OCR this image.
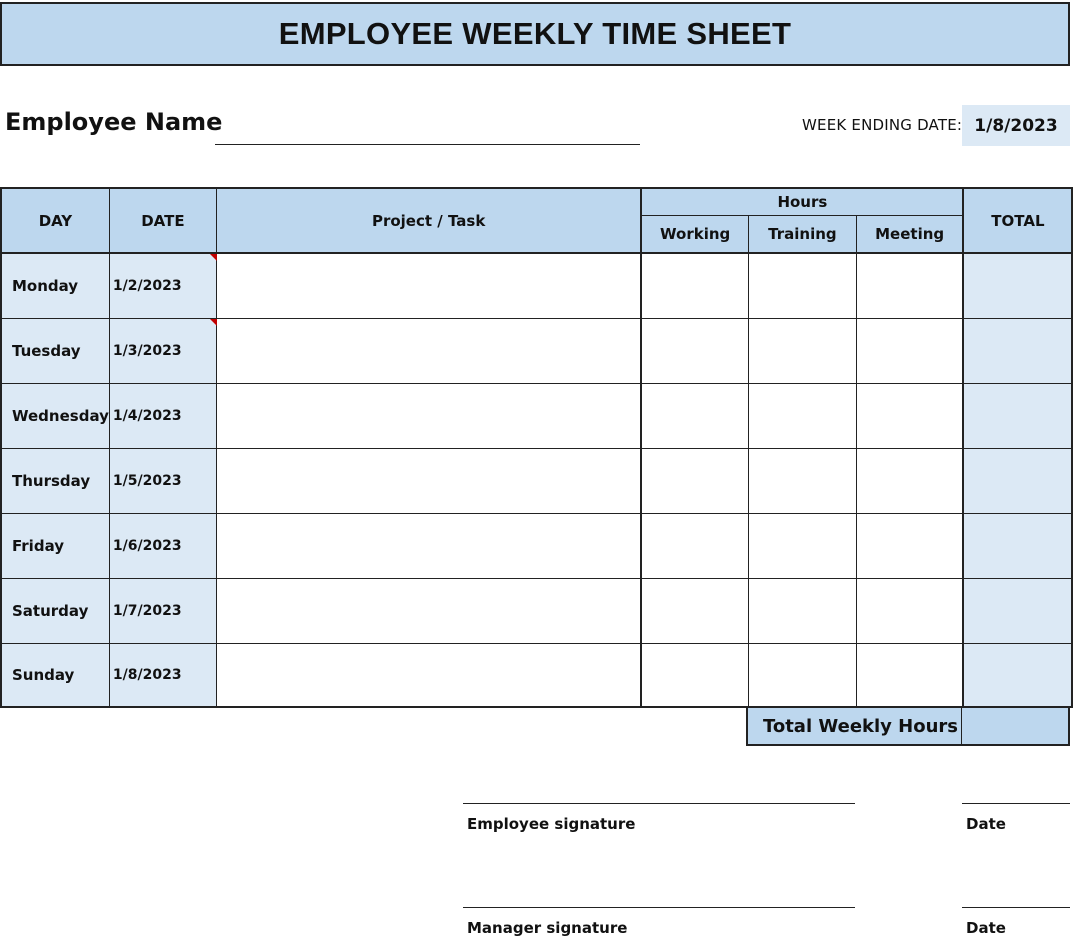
EMPLOYEE WEEKLY TIME SHEET
Employee Name	WEEK ENDING DATE: 1/8/2023
DAY	DATE	Project / Task	Hours			TOTAL
			Working	Training	Meeting	
Monday	1/2/2023					
Tuesday	1/3/2023					
Wednesday	1/4/2023					
Thursday	1/5/2023					
Friday	1/6/2023					
Saturday	1/7/2023					
Sunday	1/8/2023					
Total Weekly Hours
Employee signature	Date
Manager signature	Date
